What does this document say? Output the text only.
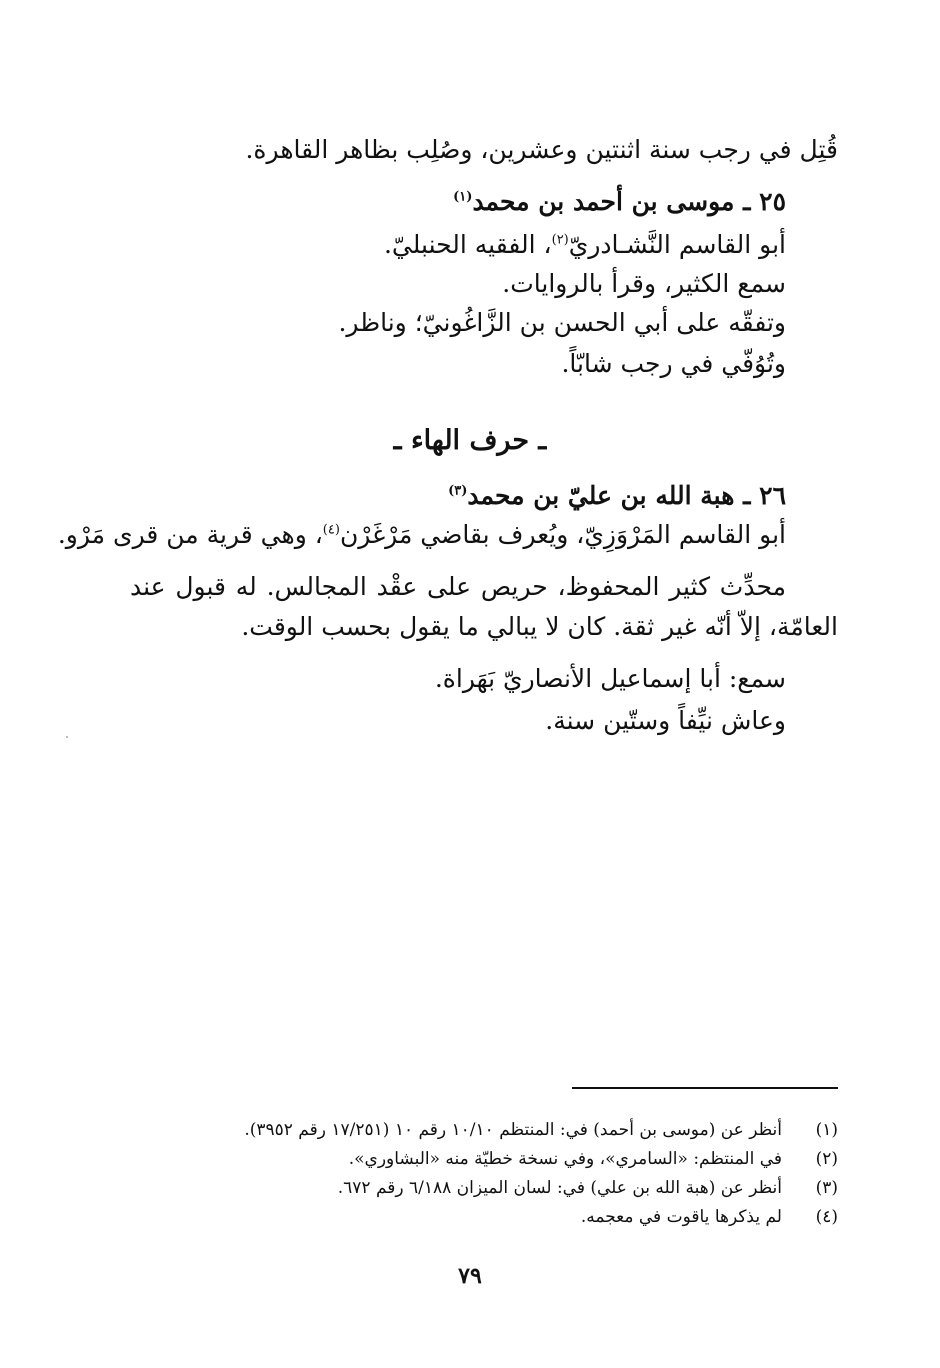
قُتِل في رجب سنة اثنتين وعشرين، وصُلِب بظاهر القاهرة.
٢٥ ـ موسى بن أحمد بن محمد$^{(١)}$
أبو القاسم النَّشـادريّ$^{(٢)}$، الفقيه الحنبليّ.
سمع الكثير، وقرأ بالروايات.
وتفقّه على أبي الحسن بن الزَّاغُونيّ؛ وناظر.
وتُوُفّي في رجب شابّاً.
ـ حرف الهاء ـ
٢٦ ـ هبة الله بن عليّ بن محمد$^{(٣)}$
أبو القاسم المَرْوَزِيّ، ويُعرف بقاضي مَرْغَرْن$^{(٤)}$، وهي قرية من قرى مَرْو.
محدِّث كثير المحفوظ، حريص على عقْد المجالس. له قبول عند
العامّة، إلاّ أنّه غير ثقة. كان لا يبالي ما يقول بحسب الوقت.
سمع: أبا إسماعيل الأنصاريّ بَهَراة.
وعاش نيِّفاً وستّين سنة.
(١)
أنظر عن (موسى بن أحمد) في: المنتظم ١٠/١٠ رقم ١٠ (١٧/٢٥١ رقم ٣٩٥٢).
(٢)
في المنتظم: «السامري»، وفي نسخة خطيّة منه «البشاوري».
(٣)
أنظر عن (هبة الله بن علي) في: لسان الميزان ٦/١٨٨ رقم ٦٧٢.
(٤)
لم يذكرها ياقوت في معجمه.
٧٩
